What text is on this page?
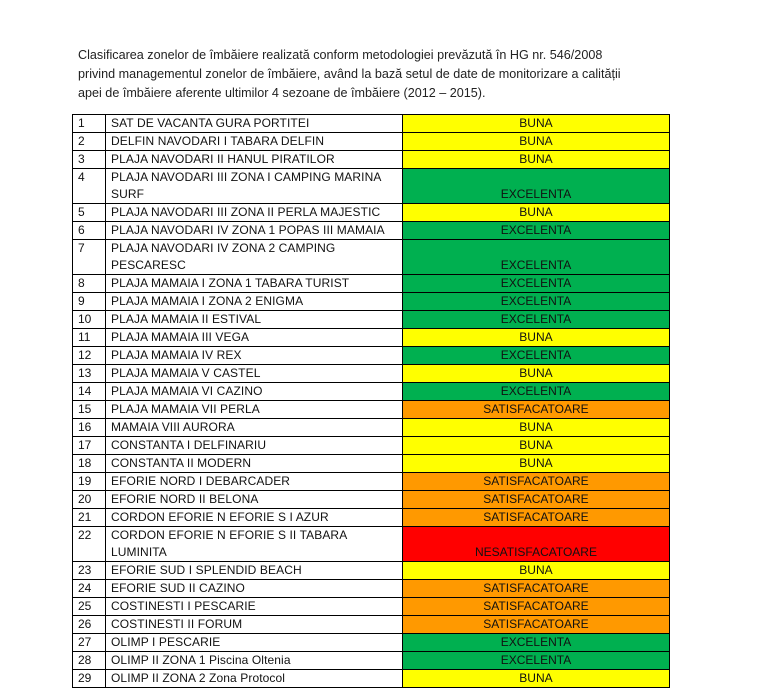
Clasificarea zonelor de îmbăiere realizată conform metodologiei prevăzută în HG nr. 546/2008

privind managementul zonelor de îmbăiere, având la bază setul de date de monitorizare a calității

apei de îmbăiere aferente ultimilor 4 sezoane de îmbăiere (2012 – 2015).

1	SAT DE VACANTA GURA PORTITEI	BUNA
2	DELFIN NAVODARI I TABARA DELFIN	BUNA
3	PLAJA NAVODARI II HANUL PIRATILOR	BUNA
4	PLAJA NAVODARI III ZONA I CAMPING MARINA SURF	EXCELENTA
5	PLAJA NAVODARI III ZONA II PERLA MAJESTIC	BUNA
6	PLAJA NAVODARI IV ZONA 1 POPAS III MAMAIA	EXCELENTA
7	PLAJA NAVODARI IV ZONA 2 CAMPING PESCARESC	EXCELENTA
8	PLAJA MAMAIA I ZONA 1 TABARA TURIST	EXCELENTA
9	PLAJA MAMAIA I ZONA 2 ENIGMA	EXCELENTA
10	PLAJA MAMAIA II ESTIVAL	EXCELENTA
11	PLAJA MAMAIA III VEGA	BUNA
12	PLAJA MAMAIA IV REX	EXCELENTA
13	PLAJA MAMAIA V CASTEL	BUNA
14	PLAJA MAMAIA VI CAZINO	EXCELENTA
15	PLAJA MAMAIA VII PERLA	SATISFACATOARE
16	MAMAIA VIII AURORA	BUNA
17	CONSTANTA I DELFINARIU	BUNA
18	CONSTANTA II MODERN	BUNA
19	EFORIE NORD I DEBARCADER	SATISFACATOARE
20	EFORIE NORD II BELONA	SATISFACATOARE
21	CORDON EFORIE N EFORIE S I AZUR	SATISFACATOARE
22	CORDON EFORIE N EFORIE S II TABARA LUMINITA	NESATISFACATOARE
23	EFORIE SUD I SPLENDID BEACH	BUNA
24	EFORIE SUD II CAZINO	SATISFACATOARE
25	COSTINESTI I PESCARIE	SATISFACATOARE
26	COSTINESTI II FORUM	SATISFACATOARE
27	OLIMP I PESCARIE	EXCELENTA
28	OLIMP II ZONA 1 Piscina Oltenia	EXCELENTA
29	OLIMP II ZONA 2 Zona Protocol	BUNA
